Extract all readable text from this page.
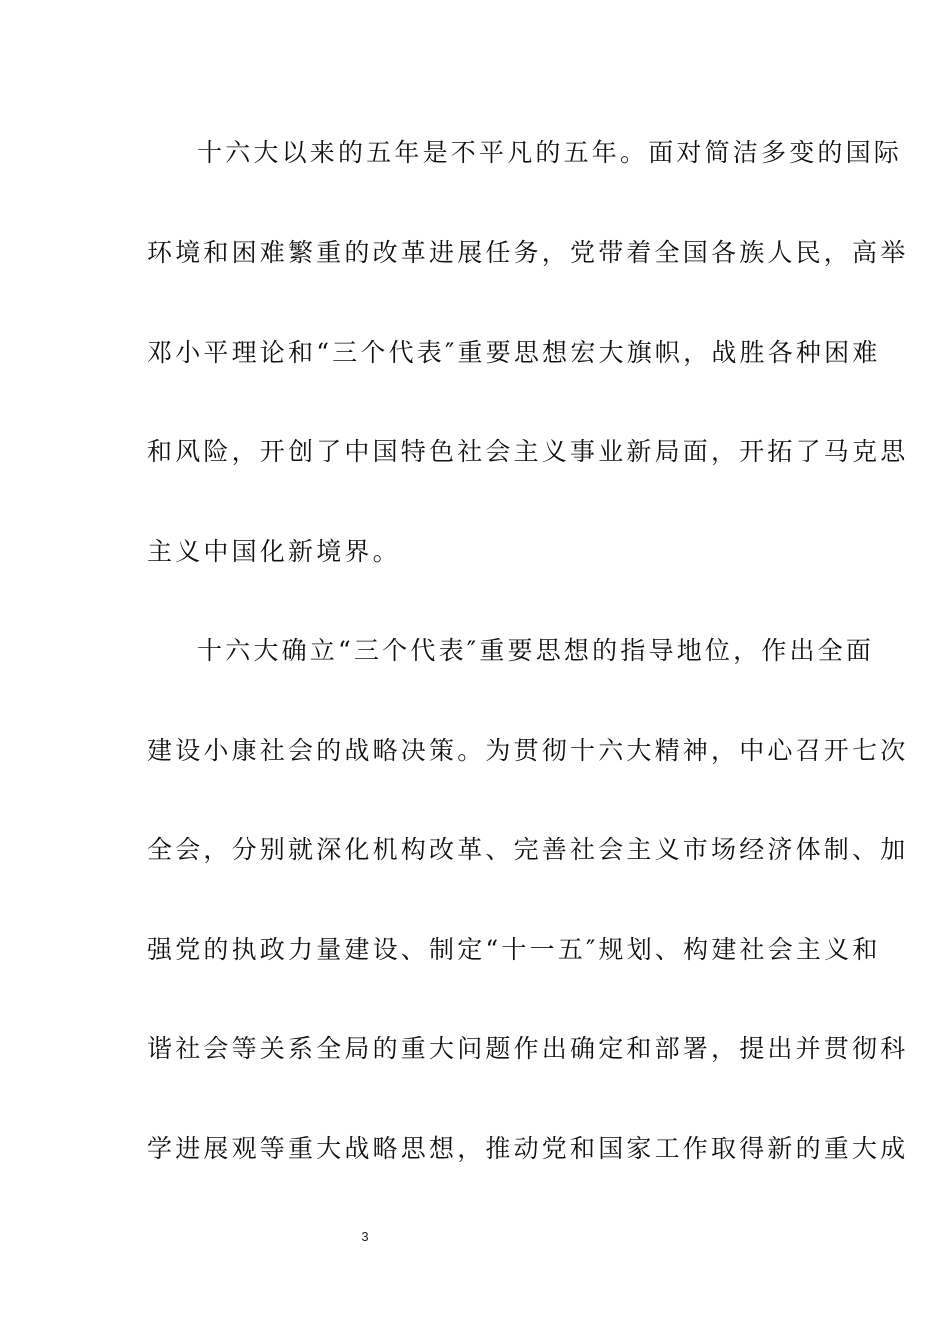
十六大以来的五年是不平凡的五年。面对简洁多变的国际
环境和困难繁重的改革进展任务，党带着全国各族人民，高举
邓小平理论和“三个代表″重要思想宏大旗帜，战胜各种困难
和风险，开创了中国特色社会主义事业新局面，开拓了马克思
主义中国化新境界。
十六大确立“三个代表″重要思想的指导地位，作出全面
建设小康社会的战略决策。为贯彻十六大精神，中心召开七次
全会，分别就深化机构改革、完善社会主义市场经济体制、加
强党的执政力量建设、制定“十一五″规划、构建社会主义和
谐社会等关系全局的重大问题作出确定和部署，提出并贯彻科
学进展观等重大战略思想，推动党和国家工作取得新的重大成
3
